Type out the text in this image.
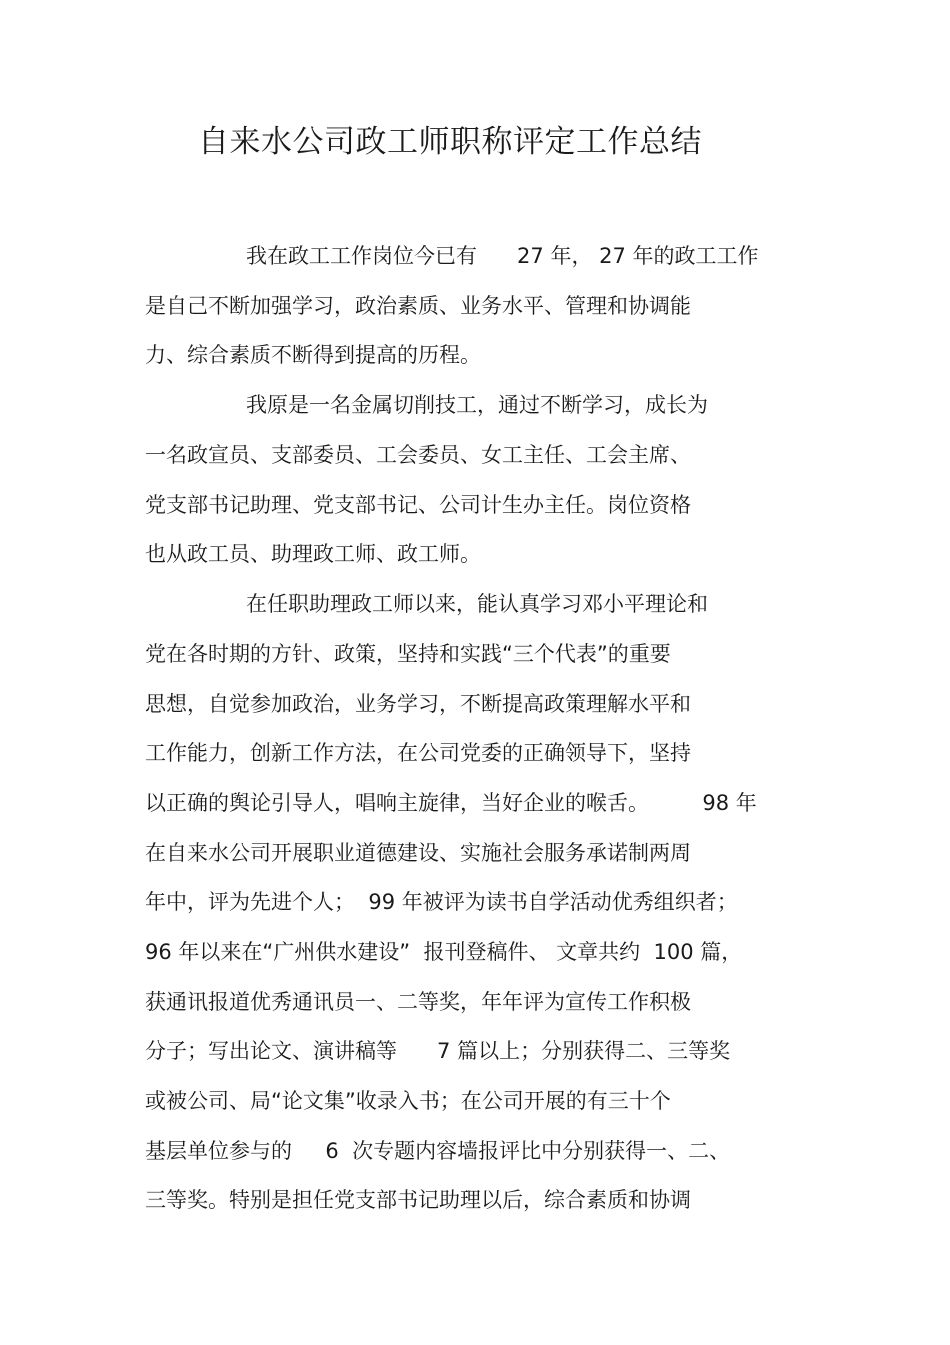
自来水公司政工师职称评定工作总结
我在政工工作岗位今已有      27 年， 27 年的政工工作
是自己不断加强学习，政治素质、业务水平、管理和协调能
力、综合素质不断得到提高的历程。
我原是一名金属切削技工，通过不断学习，成长为
一名政宣员、支部委员、工会委员、女工主任、工会主席、
党支部书记助理、党支部书记、公司计生办主任。岗位资格
也从政工员、助理政工师、政工师。
在任职助理政工师以来，能认真学习邓小平理论和
党在各时期的方针、政策，坚持和实践“三个代表”的重要
思想，自觉参加政治，业务学习，不断提高政策理解水平和
工作能力，创新工作方法，在公司党委的正确领导下，坚持
以正确的舆论引导人，唱响主旋律，当好企业的喉舌。        98 年
在自来水公司开展职业道德建设、实施社会服务承诺制两周
年中，评为先进个人；  99 年被评为读书自学活动优秀组织者；
96 年以来在“广州供水建设”  报刊登稿件、 文章共约  100 篇，
获通讯报道优秀通讯员一、二等奖，年年评为宣传工作积极
分子；写出论文、演讲稿等      7 篇以上；分别获得二、三等奖
或被公司、局“论文集”收录入书；在公司开展的有三十个
基层单位参与的     6  次专题内容墙报评比中分别获得一、二、
三等奖。特别是担任党支部书记助理以后，综合素质和协调
